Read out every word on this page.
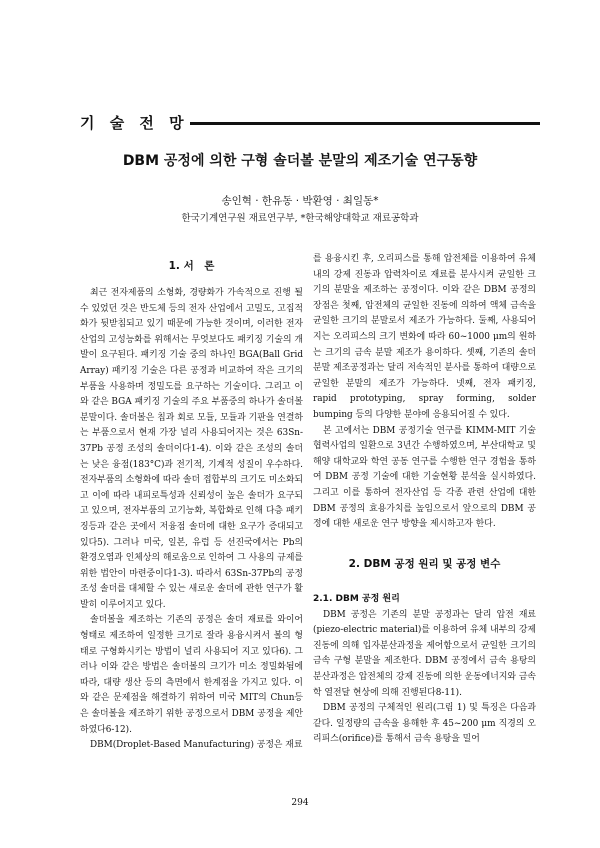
기 술 전 망
DBM 공정에 의한 구형 솔더볼 분말의 제조기술 연구동향
송인혁 · 한유동 · 박환영 · 최일동*
한국기계연구원 재료연구부, *한국해양대학교 재료공학과
1. 서　론

최근 전자제품의 소형화, 경량화가 가속적으로 진행 될 수 있었던 것은 반도체 등의 전자 산업에서 고밀도, 고집적화가 뒷받침되고 있기 때문에 가능한 것이며, 이러한 전자 산업의 고성능화를 위해서는 무엇보다도 패키징 기술의 개발이 요구된다. 패키징 기술 중의 하나인 BGA(Ball Grid Array) 패키징 기술은 다른 공정과 비교하여 작은 크기의 부품을 사용하며 정밀도를 요구하는 기술이다. 그리고 이와 같은 BGA 패키징 기술의 주요 부품중의 하나가 솔더볼 분말이다. 솔더볼은 칩과 회로 모듈, 모듈과 기판을 연결하는 부품으로서 현재 가장 널리 사용되어지는 것은 63Sn-37Pb 공정 조성의 솔더이다1-4). 이와 같은 조성의 솔더는 낮은 융점(183°C)과 전기적, 기계적 성질이 우수하다. 전자부품의 소형화에 따라 솔더 접합부의 크기도 미소화되고 이에 따라 내피로특성과 신뢰성이 높은 솔더가 요구되고 있으며, 전자부품의 고기능화, 복합화로 인해 다층 패키징등과 같은 곳에서 저융점 솔더에 대한 요구가 증대되고 있다5). 그러나 미국, 일본, 유럽 등 선진국에서는 Pb의 환경오염과 인체상의 해로움으로 인하여 그 사용의 규제를 위한 법안이 마련중이다1-3). 따라서 63Sn-37Pb의 공정조성 솔더를 대체할 수 있는 새로운 솔더에 관한 연구가 활발히 이루어지고 있다.

솔더볼을 제조하는 기존의 공정은 솔더 재료를 와이어 형태로 제조하여 일정한 크기로 잘라 용융시켜서 볼의 형태로 구형화시키는 방법이 널리 사용되어 지고 있다6). 그러나 이와 같은 방법은 솔더볼의 크기가 미소 정밀화됨에 따라, 대량 생산 등의 측면에서 한계점을 가지고 있다. 이와 같은 문제점을 해결하기 위하여 미국 MIT의 Chun등은 솔더볼을 제조하기 위한 공정으로서 DBM 공정을 제안하였다6-12).

DBM(Droplet-Based Manufacturing) 공정은 재료

를 용융시킨 후, 오리피스를 통해 압전체를 이용하여 유체내의 강제 진동과 압력차이로 재료를 분사시켜 균일한 크기의 분말을 제조하는 공정이다. 이와 같은 DBM 공정의 장점은 첫째, 압전체의 균일한 진동에 의하여 액체 금속을 균일한 크기의 분말로서 제조가 가능하다. 둘째, 사용되어지는 오리피스의 크기 변화에 따라 60~1000 μm의 원하는 크기의 금속 분말 제조가 용이하다. 셋째, 기존의 솔더 분말 제조공정과는 달리 저속적인 분사를 통하여 대량으로 균일한 분말의 제조가 가능하다. 넷째, 전자 패키징, rapid prototyping, spray forming, solder bumping 등의 다양한 분야에 응용되어질 수 있다.

본 고에서는 DBM 공정기술 연구를 KIMM-MIT 기술협력사업의 일환으로 3년간 수행하였으며, 부산대학교 및 해양 대학교와 학연 공동 연구를 수행한 연구 경험을 통하여 DBM 공정 기술에 대한 기술현황 분석을 실시하였다. 그리고 이를 통하여 전자산업 등 각종 관련 산업에 대한 DBM 공정의 효용가치를 높임으로서 앞으로의 DBM 공정에 대한 새로운 연구 방향을 제시하고자 한다.

2. DBM 공정 원리 및 공정 변수
2.1. DBM 공정 원리

DBM 공정은 기존의 분말 공정과는 달리 압전 재료(piezo-electric material)를 이용하여 유체 내부의 강제 진동에 의해 입자분산과정을 제어함으로서 균일한 크기의 금속 구형 분말을 제조한다. DBM 공정에서 금속 용탕의 분산과정은 압전체의 강제 진동에 의한 운동에너지와 금속학 열전달 현상에 의해 진행된다8-11).

DBM 공정의 구체적인 원리(그림 1) 및 특징은 다음과 같다. 일정량의 금속을 용해한 후 45~200 μm 직경의 오리피스(orifice)를 통해서 금속 용탕을 밀어

294
